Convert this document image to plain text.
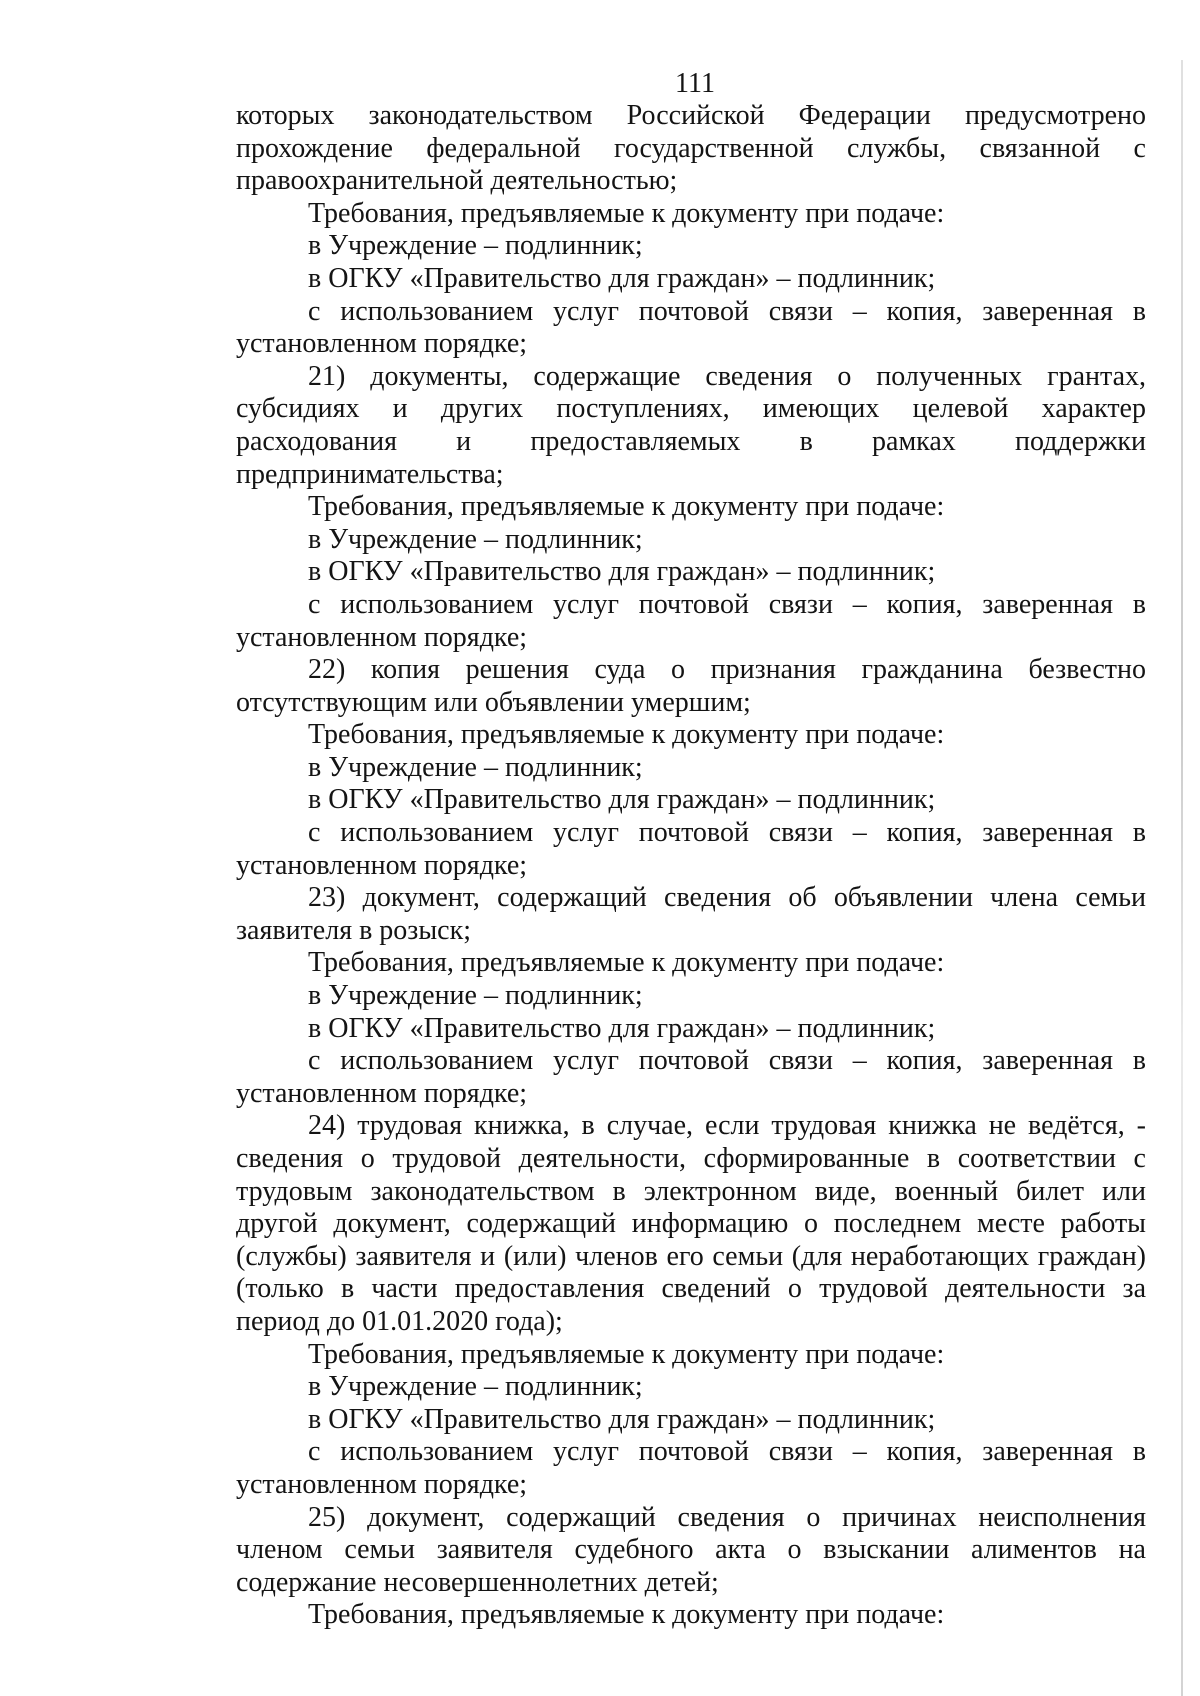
111

которых законодательством Российской Федерации предусмотрено прохождение федеральной государственной службы, связанной с правоохранительной деятельностью;

Требования, предъявляемые к документу при подаче:

в Учреждение – подлинник;

в ОГКУ «Правительство для граждан» – подлинник;

с использованием услуг почтовой связи – копия, заверенная в установленном порядке;

21) документы, содержащие сведения о полученных грантах, субсидиях и других поступлениях, имеющих целевой характер расходования и предоставляемых в рамках поддержки предпринимательства;

Требования, предъявляемые к документу при подаче:

в Учреждение – подлинник;

в ОГКУ «Правительство для граждан» – подлинник;

с использованием услуг почтовой связи – копия, заверенная в установленном порядке;

22) копия решения суда о признания гражданина безвестно отсутствующим или объявлении умершим;

Требования, предъявляемые к документу при подаче:

в Учреждение – подлинник;

в ОГКУ «Правительство для граждан» – подлинник;

с использованием услуг почтовой связи – копия, заверенная в установленном порядке;

23) документ, содержащий сведения об объявлении члена семьи заявителя в розыск;

Требования, предъявляемые к документу при подаче:

в Учреждение – подлинник;

в ОГКУ «Правительство для граждан» – подлинник;

с использованием услуг почтовой связи – копия, заверенная в установленном порядке;

24) трудовая книжка, в случае, если трудовая книжка не ведётся, - сведения о трудовой деятельности, сформированные в соответствии с трудовым законодательством в электронном виде, военный билет или другой документ, содержащий информацию о последнем месте работы (службы) заявителя и (или) членов его семьи (для неработающих граждан) (только в части предоставления сведений о трудовой деятельности за период до 01.01.2020 года);

Требования, предъявляемые к документу при подаче:

в Учреждение – подлинник;

в ОГКУ «Правительство для граждан» – подлинник;

с использованием услуг почтовой связи – копия, заверенная в установленном порядке;

25) документ, содержащий сведения о причинах неисполнения членом семьи заявителя судебного акта о взыскании алиментов на содержание несовершеннолетних детей;

Требования, предъявляемые к документу при подаче:
